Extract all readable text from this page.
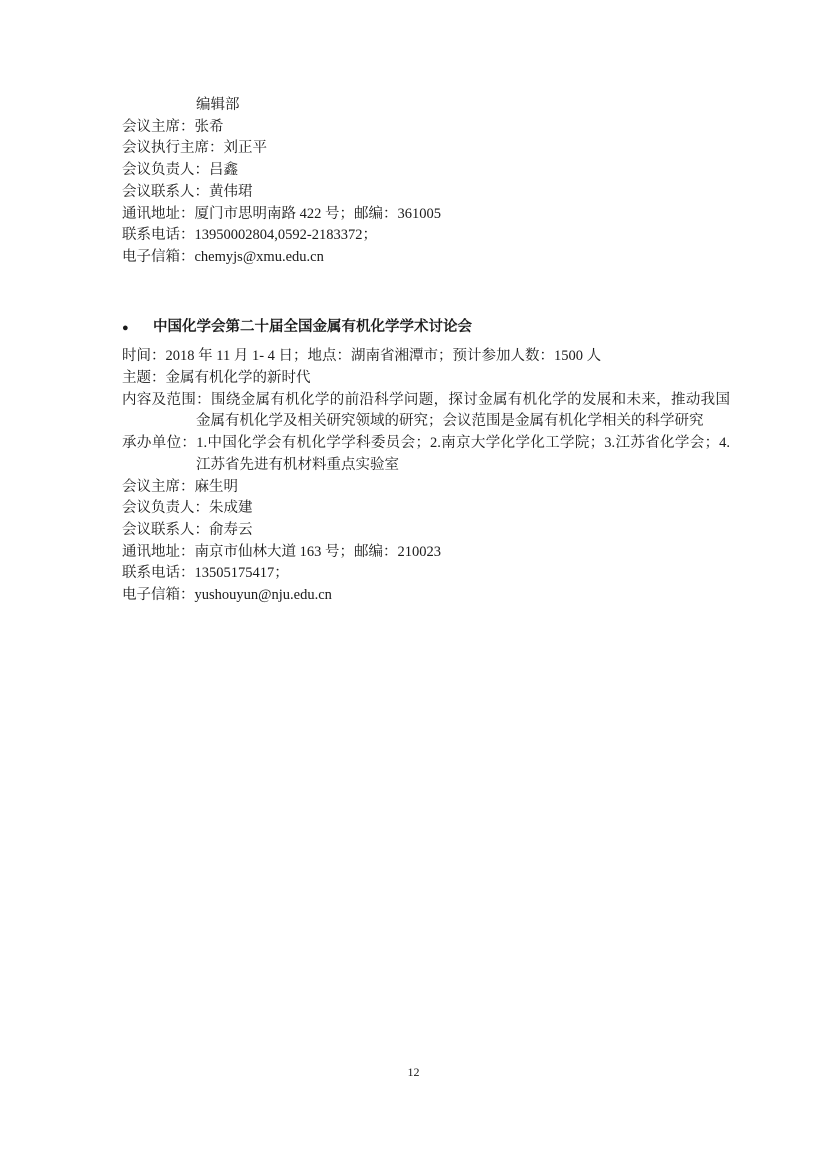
编辑部
会议主席：张希
会议执行主席：刘正平
会议负责人：吕鑫
会议联系人：黄伟珺
通讯地址：厦门市思明南路 422 号；邮编：361005
联系电话：13950002804,0592-2183372；
电子信箱：chemyjs@xmu.edu.cn
●	中国化学会第二十届全国金属有机化学学术讨论会
时间：2018 年 11 月 1- 4 日；地点：湖南省湘潭市；预计参加人数：1500 人
主题：金属有机化学的新时代
内容及范围：围绕金属有机化学的前沿科学问题，探讨金属有机化学的发展和未来，推动我国金属有机化学及相关研究领域的研究；会议范围是金属有机化学相关的科学研究
承办单位：1.中国化学会有机化学学科委员会；2.南京大学化学化工学院；3.江苏省化学会；4.江苏省先进有机材料重点实验室
会议主席：麻生明
会议负责人：朱成建
会议联系人：俞寿云
通讯地址：南京市仙林大道 163 号；邮编：210023
联系电话：13505175417；
电子信箱：yushouyun@nju.edu.cn
12
